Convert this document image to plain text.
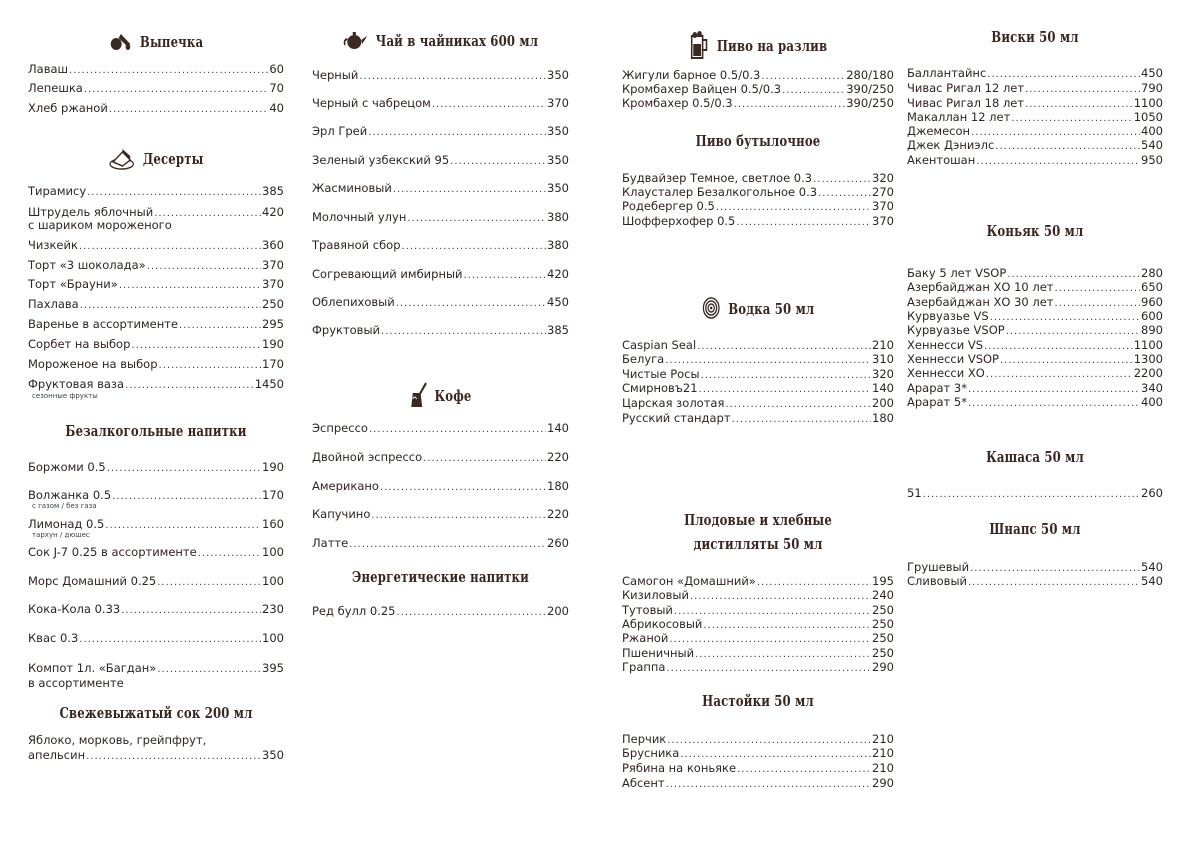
Выпечка
Лаваш .....	60
Лепешка .....	70
Хлеб ржаной .....	40
Десерты
Тирамису .....	385
Штрудель яблочный .....	420
с шариком мороженого
Чизкейк .....	360
Торт «3 шоколада» .....	370
Торт «Брауни» .....	370
Пахлава .....	250
Варенье в ассортименте .....	295
Сорбет на выбор .....	190
Мороженое на выбор .....	170
Фруктовая ваза .....	1450
сезонные фрукты
Безалкогольные напитки
Боржоми 0.5 .....	190
Волжанка 0.5 .....	170
с газом / без газа
Лимонад 0.5 .....	160
тархун / дюшес
Сок J-7 0.25 в ассортименте .....	100
Морс Домашний 0.25 .....	100
Кока-Кола 0.33 .....	230
Квас 0.3 .....	100
Компот 1л. «Багдан» .....	395
в ассортименте
Свежевыжатый сок 200 мл
Яблоко, морковь, грейпфрут,
апельсин .....	350
Чай в чайниках 600 мл
Черный .....	350
Черный с чабрецом .....	370
Эрл Грей .....	350
Зеленый узбекский 95 .....	350
Жасминовый .....	350
Молочный улун .....	380
Травяной сбор .....	380
Согревающий имбирный .....	420
Облепиховый .....	450
Фруктовый .....	385
Кофе
Эспрессо .....	140
Двойной эспрессо .....	220
Американо .....	180
Капучино .....	220
Латте .....	260
Энергетические напитки
Ред булл 0.25 .....	200
Пиво на разлив
Жигули барное 0.5/0.3 .....	280/180
Кромбахер Вайцен 0.5/0.3 .....	390/250
Кромбахер 0.5/0.3 .....	390/250
Пиво бутылочное
Будвайзер Темное, светлое 0.3 .....	320
Клаусталер Безалкогольное 0.3 .....	270
Родебергер 0.5 .....	370
Шофферхофер 0.5 .....	370
Водка 50 мл
Caspian Seal .....	210
Белуга .....	310
Чистые Росы .....	320
Смирновъ21 .....	140
Царская золотая .....	200
Русский стандарт .....	180
Плодовые и хлебные
дистилляты 50 мл
Самогон «Домашний» .....	195
Кизиловый .....	240
Тутовый .....	250
Абрикосовый .....	250
Ржаной .....	250
Пшеничный .....	250
Граппа .....	290
Настойки 50 мл
Перчик .....	210
Брусника .....	210
Рябина на коньяке .....	210
Абсент .....	290
Виски 50 мл
Баллантайнс .....	450
Чивас Ригал 12 лет .....	790
Чивас Ригал 18 лет .....	1100
Макаллан 12 лет .....	1050
Джемесон .....	400
Джек Дэниэлс .....	540
Акентошан .....	950
Коньяк 50 мл
Баку 5 лет VSOP .....	280
Азербайджан ХО 10 лет .....	650
Азербайджан ХО 30 лет .....	960
Курвуазье VS .....	600
Курвуазье VSOP .....	890
Хеннесси VS .....	1100
Хеннесси VSOP .....	1300
Хеннесси ХО .....	2200
Арарат 3* .....	340
Арарат 5* .....	400
Кашаса 50 мл
51 .....	260
Шнапс 50 мл
Грушевый .....	540
Сливовый .....	540
